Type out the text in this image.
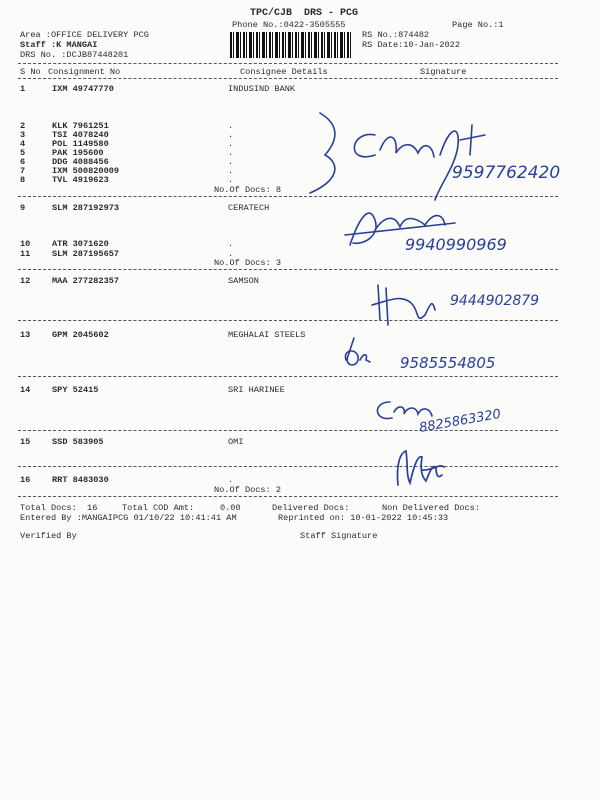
TPC/CJB  DRS - PCG
Phone No.:0422-3505555	Page No.:1
Area :OFFICE DELIVERY PCG
Staff :K MANGAI
DRS No. :DCJB87448201
RS No.:874482
RS Date:10-Jan-2022
S No Consignment No	Consignee Details	Signature
1	IXM 49747770	INDUSIND BANK
2	KLK 7961251	.
3	TSI 4078240	.
4	POL 1149580	.
5	PAK 195600	.
6	DDG 4088456	.
7	IXM 500820009	.
8	TVL 4919623	.
No.Of Docs: 8
9	SLM 287192973	CERATECH
10	ATR 3071620	.
11	SLM 287195657	.
No.Of Docs: 3
12	MAA 277282357	SAMSON
13	GPM 2045602	MEGHALAI STEELS
14	SPY 52415	SRI HARINEE
15	SSD 583905	OMI
16	RRT 8483030	.
No.Of Docs: 2
Total Docs:  16	Total COD Amt:     0.00	Delivered Docs:	Non Delivered Docs:
Entered By :MANGAIPCG 01/10/22 10:41:41 AM	Reprinted on: 10-01-2022 10:45:33
Verified By	Staff Signature
9597762420
9940990969
9444902879
9585554805
8825863320
